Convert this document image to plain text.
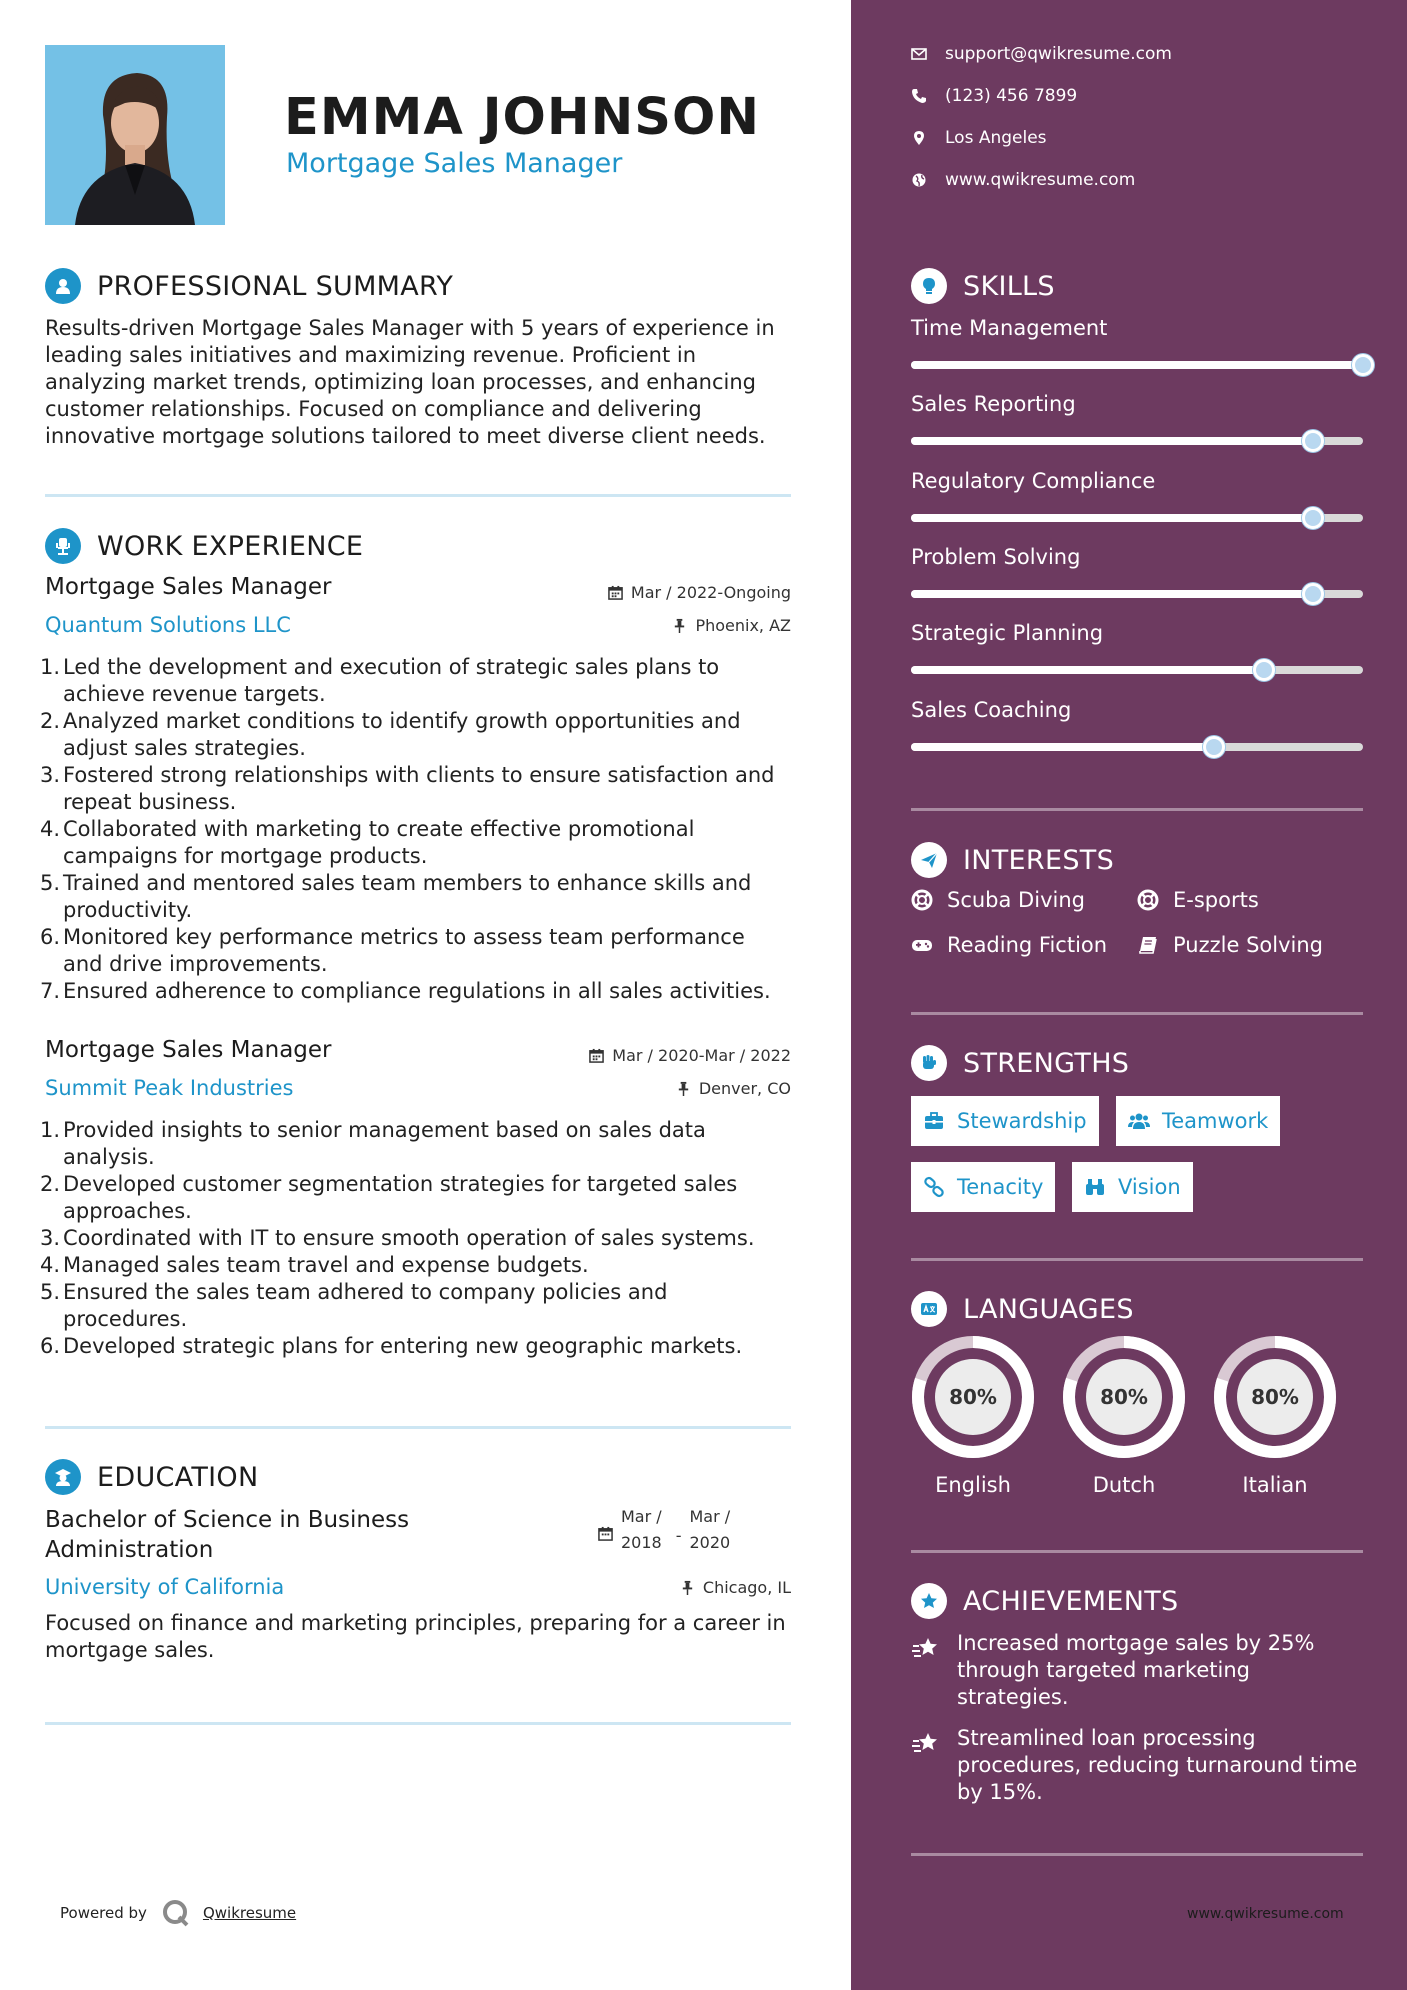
EMMA JOHNSON
Mortgage Sales Manager
PROFESSIONAL SUMMARY
Results-driven Mortgage Sales Manager with 5 years of experience in leading sales initiatives and maximizing revenue. Proficient in analyzing market trends, optimizing loan processes, and enhancing customer relationships. Focused on compliance and delivering innovative mortgage solutions tailored to meet diverse client needs.
WORK EXPERIENCE
Mortgage Sales Manager	Mar / 2022-Ongoing
Quantum Solutions LLC	Phoenix, AZ
1. Led the development and execution of strategic sales plans to
achieve revenue targets.
2. Analyzed market conditions to identify growth opportunities and
adjust sales strategies.
3. Fostered strong relationships with clients to ensure satisfaction and
repeat business.
4. Collaborated with marketing to create effective promotional
campaigns for mortgage products.
5. Trained and mentored sales team members to enhance skills and
productivity.
6. Monitored key performance metrics to assess team performance
and drive improvements.
7. Ensured adherence to compliance regulations in all sales activities.
Mortgage Sales Manager	Mar / 2020-Mar / 2022
Summit Peak Industries	Denver, CO
1. Provided insights to senior management based on sales data
analysis.
2. Developed customer segmentation strategies for targeted sales
approaches.
3. Coordinated with IT to ensure smooth operation of sales systems.
4. Managed sales team travel and expense budgets.
5. Ensured the sales team adhered to company policies and
procedures.
6. Developed strategic plans for entering new geographic markets.
EDUCATION
Bachelor of Science in Business
Administration
Mar /
2018 -
Mar /
2020
University of California	Chicago, IL
Focused on finance and marketing principles, preparing for a career in mortgage sales.
Powered by	Qwikresume
support@qwikresume.com
(123) 456 7899
Los Angeles
www.qwikresume.com
SKILLS
Time Management
Sales Reporting
Regulatory Compliance
Problem Solving
Strategic Planning
Sales Coaching
INTERESTS
Scuba Diving	E-sports
Reading Fiction	Puzzle Solving
STRENGTHS
Stewardship	Teamwork
Tenacity	Vision
LANGUAGES
80%
English
80%
Dutch
80%
Italian
ACHIEVEMENTS
Increased mortgage sales by 25%
through targeted marketing
strategies.
Streamlined loan processing
procedures, reducing turnaround time
by 15%.
www.qwikresume.com
